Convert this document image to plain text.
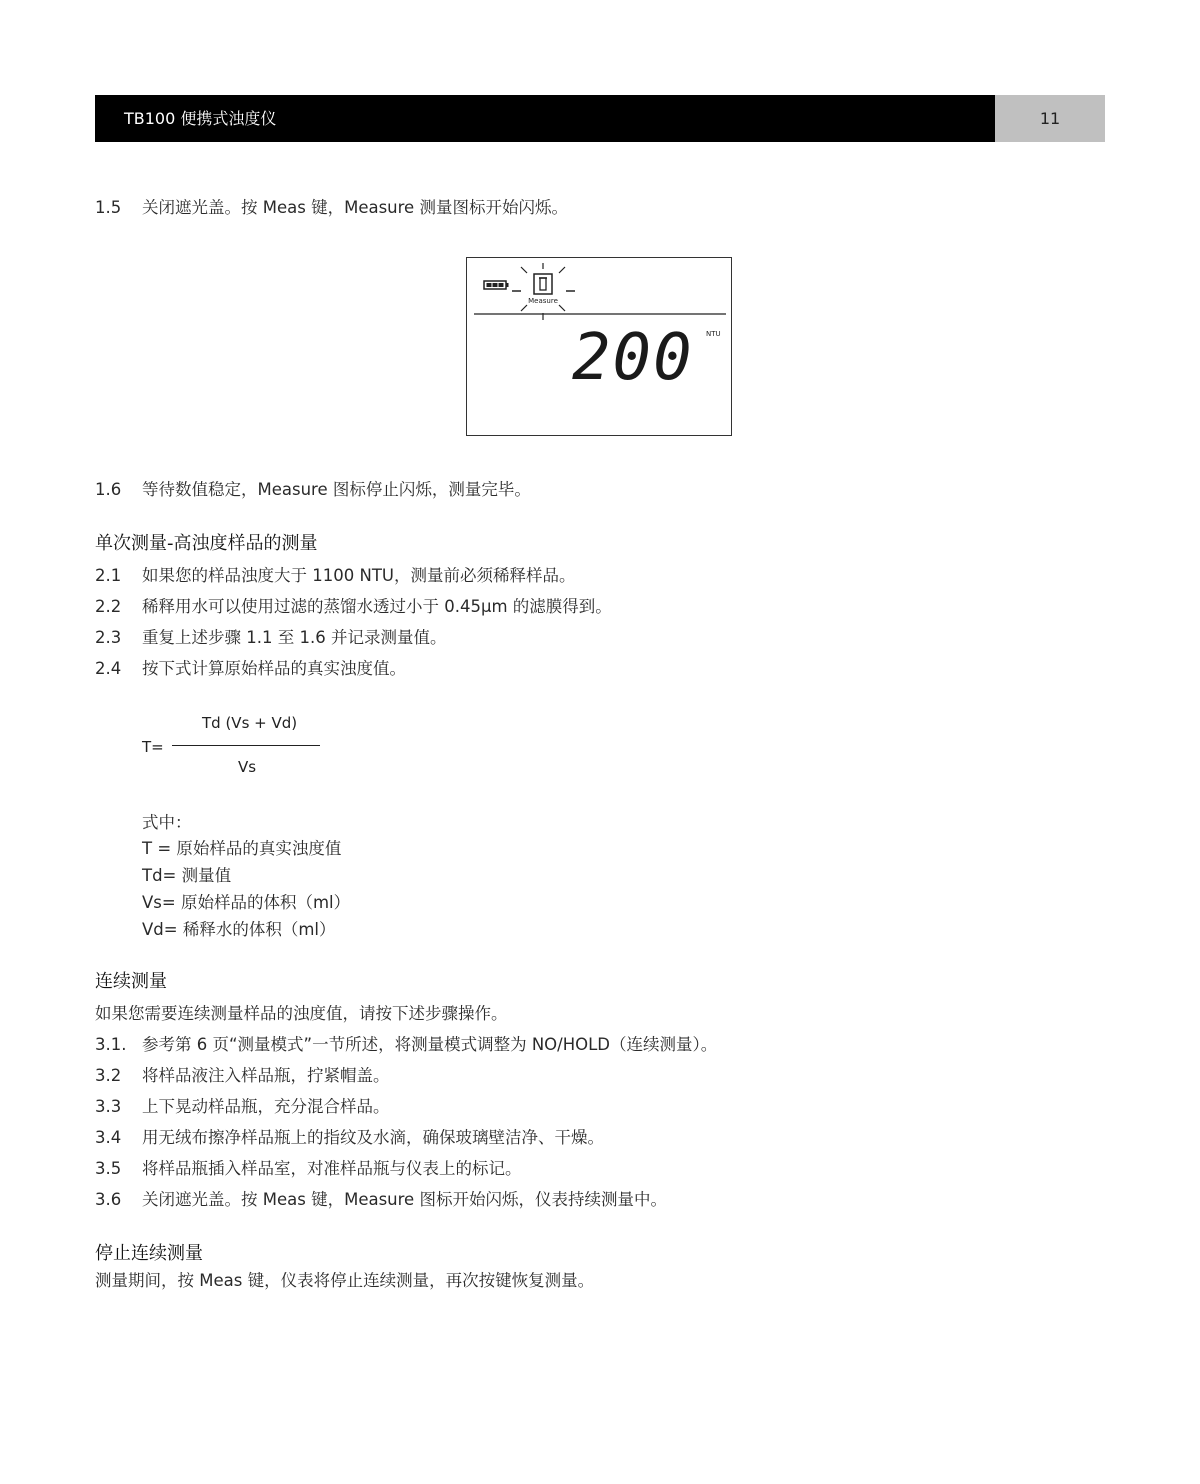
TB100 便携式浊度仪	11
1.5 关闭遮光盖。按 Meas 键，Measure 测量图标开始闪烁。
Measure
200 NTU
1.6 等待数值稳定，Measure 图标停止闪烁，测量完毕。
单次测量-高浊度样品的测量
2.1 如果您的样品浊度大于 1100 NTU，测量前必须稀释样品。
2.2 稀释用水可以使用过滤的蒸馏水透过小于 0.45μm 的滤膜得到。
2.3 重复上述步骤 1.1 至 1.6 并记录测量值。
2.4 按下式计算原始样品的真实浊度值。
T=
Td (Vs + Vd)
Vs
式中：
T = 原始样品的真实浊度值
Td= 测量值
Vs= 原始样品的体积（ml）
Vd= 稀释水的体积（ml）
连续测量
如果您需要连续测量样品的浊度值，请按下述步骤操作。
3.1. 参考第 6 页“测量模式”一节所述，将测量模式调整为 NO/HOLD（连续测量）。
3.2 将样品液注入样品瓶，拧紧帽盖。
3.3 上下晃动样品瓶，充分混合样品。
3.4 用无绒布擦净样品瓶上的指纹及水滴，确保玻璃壁洁净、干燥。
3.5 将样品瓶插入样品室，对准样品瓶与仪表上的标记。
3.6 关闭遮光盖。按 Meas 键，Measure 图标开始闪烁，仪表持续测量中。
停止连续测量
测量期间，按 Meas 键，仪表将停止连续测量，再次按键恢复测量。
